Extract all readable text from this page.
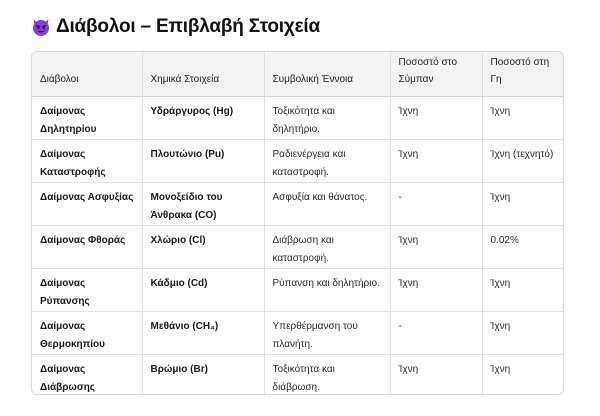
Διάβολοι – Επιβλαβή Στοιχεία
Διάβολοι	Χημικά Στοιχεία	Συμβολική Έννοια	Ποσοστό στο Σύμπαν	Ποσοστό στη Γη
Δαίμονας Δηλητηρίου	Υδράργυρος (Hg)	Τοξικότητα και δηλητήριο.	Ίχνη	Ίχνη
Δαίμονας Καταστροφής	Πλουτώνιο (Pu)	Ραδιενέργεια και καταστροφή.	Ίχνη	Ίχνη (τεχνητό)
Δαίμονας Ασφυξίας	Μονοξείδιο του Άνθρακα (CO)	Ασφυξία και θάνατος.	-	Ίχνη
Δαίμονας Φθοράς	Χλώριο (Cl)	Διάβρωση και καταστροφή.	Ίχνη	0.02%
Δαίμονας Ρύπανσης	Κάδμιο (Cd)	Ρύπανση και δηλητήριο.	Ίχνη	Ίχνη
Δαίμονας Θερμοκηπίου	Μεθάνιο (CH₄)	Υπερθέρμανση του πλανήτη.	-	Ίχνη
Δαίμονας Διάβρωσης	Βρώμιο (Br)	Τοξικότητα και διάβρωση.	Ίχνη	Ίχνη
